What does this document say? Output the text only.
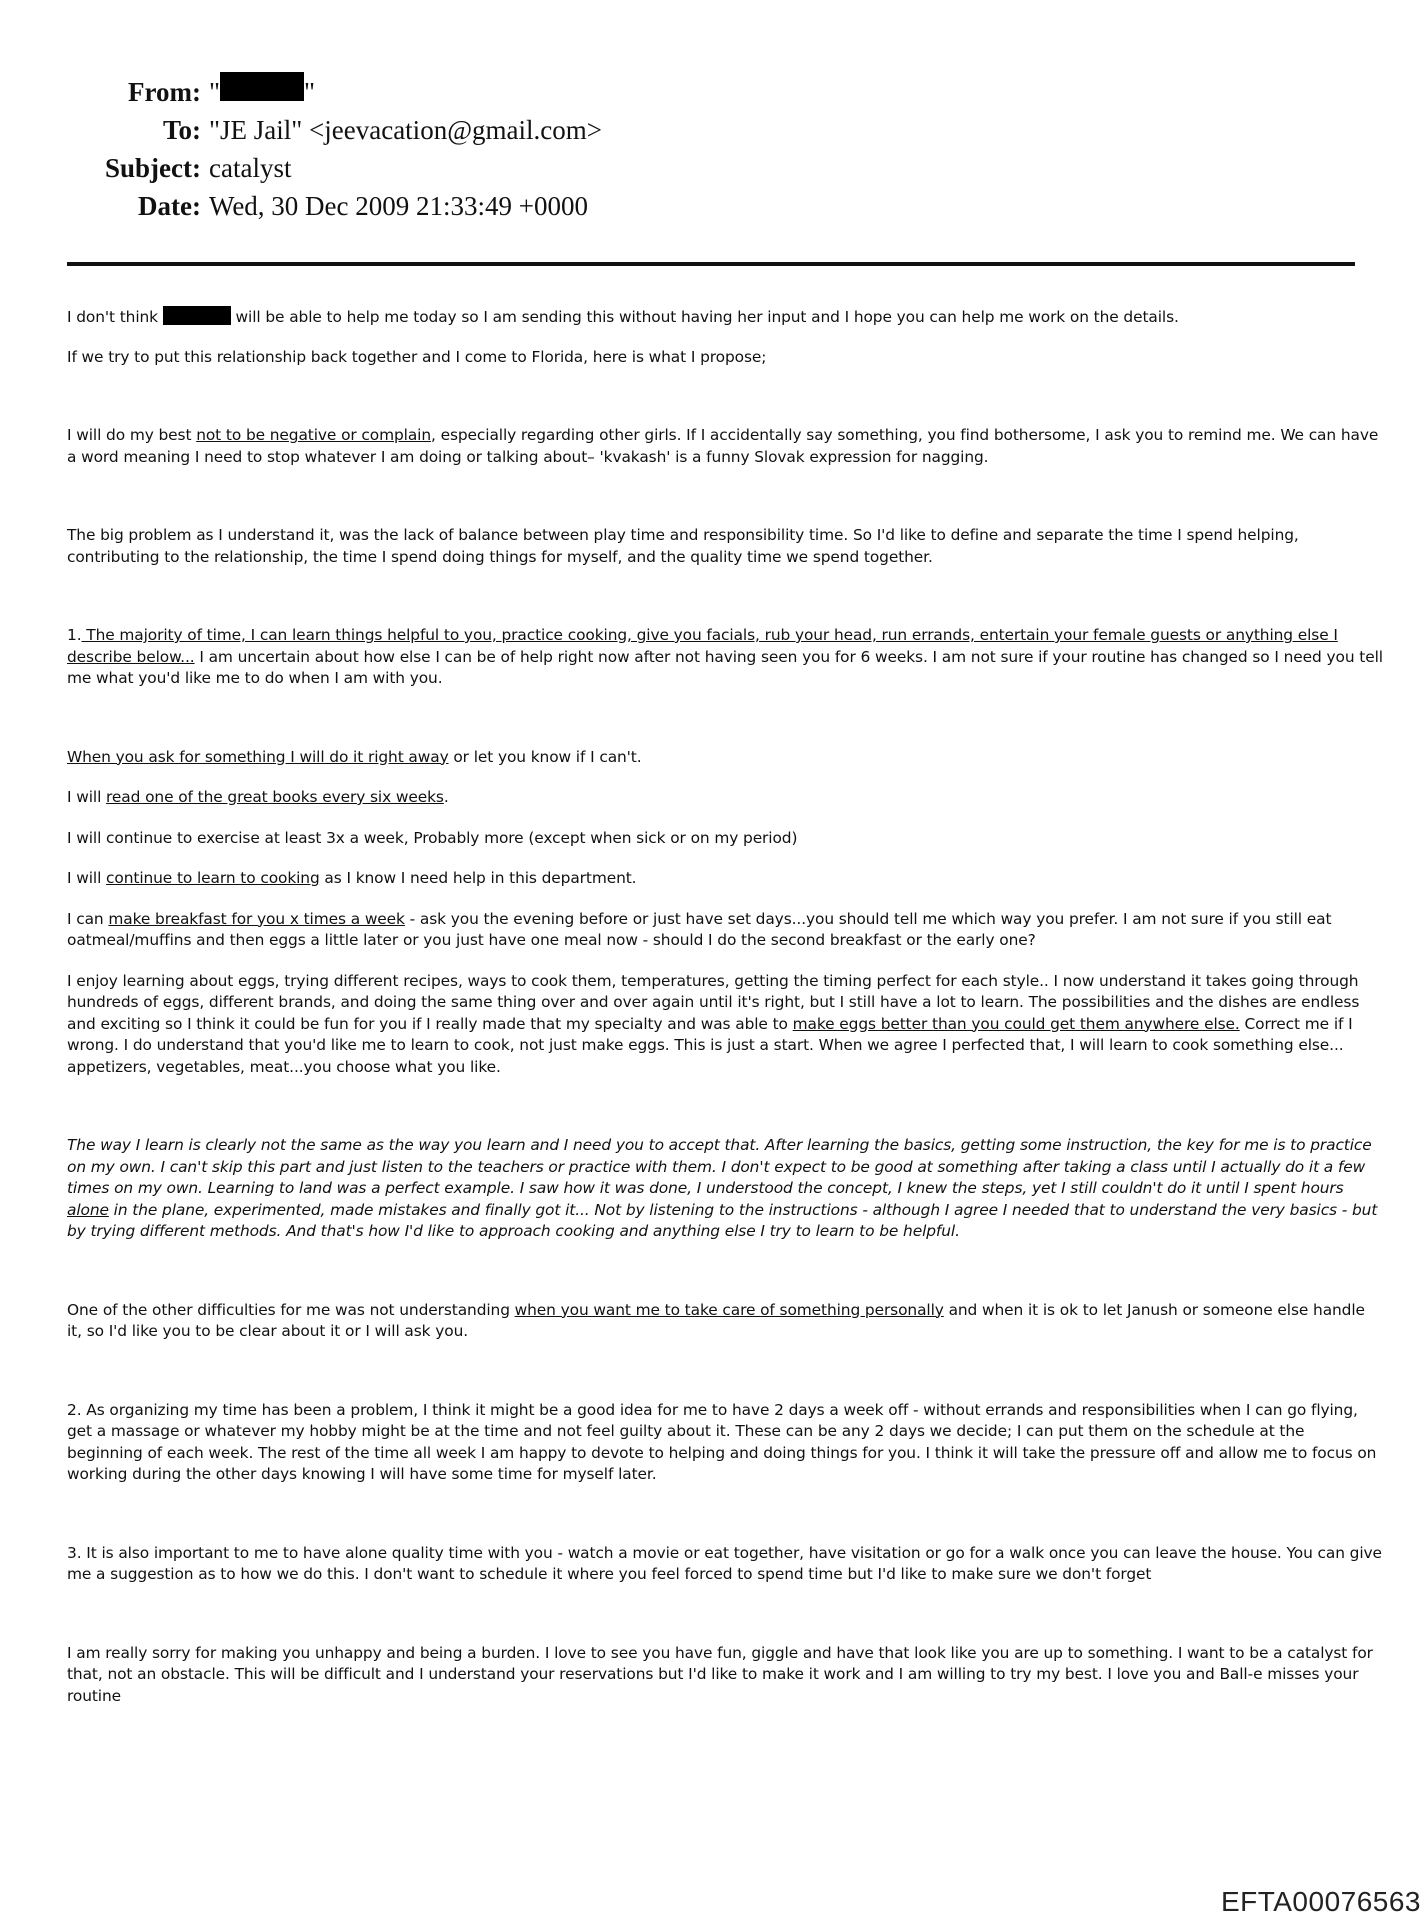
From: "	"
To: "JE Jail" <jeevacation@gmail.com>
Subject: catalyst
Date: Wed, 30 Dec 2009 21:33:49 +0000

I don't think	will be able to help me today so I am sending this without having her input and I hope you can help me work on the details.

If we try to put this relationship back together and I come to Florida, here is what I propose;

I will do my best not to be negative or complain, especially regarding other girls. If I accidentally say something, you find bothersome, I ask you to remind me. We can have a word meaning I need to stop whatever I am doing or talking about– 'kvakash' is a funny Slovak expression for nagging.

The big problem as I understand it, was the lack of balance between play time and responsibility time. So I'd like to define and separate the time I spend helping, contributing to the relationship, the time I spend doing things for myself, and the quality time we spend together.

1. The majority of time, I can learn things helpful to you, practice cooking, give you facials, rub your head, run errands, entertain your female guests or anything else I describe below... I am uncertain about how else I can be of help right now after not having seen you for 6 weeks. I am not sure if your routine has changed so I need you tell me what you'd like me to do when I am with you.

When you ask for something I will do it right away or let you know if I can't.

I will read one of the great books every six weeks.

I will continue to exercise at least 3x a week, Probably more (except when sick or on my period)

I will continue to learn to cooking as I know I need help in this department.

I can make breakfast for you x times a week - ask you the evening before or just have set days...you should tell me which way you prefer. I am not sure if you still eat oatmeal/muffins and then eggs a little later or you just have one meal now - should I do the second breakfast or the early one?

I enjoy learning about eggs, trying different recipes, ways to cook them, temperatures, getting the timing perfect for each style.. I now understand it takes going through hundreds of eggs, different brands, and doing the same thing over and over again until it's right, but I still have a lot to learn. The possibilities and the dishes are endless and exciting so I think it could be fun for you if I really made that my specialty and was able to make eggs better than you could get them anywhere else. Correct me if I wrong. I do understand that you'd like me to learn to cook, not just make eggs. This is just a start. When we agree I perfected that, I will learn to cook something else... appetizers, vegetables, meat...you choose what you like.

The way I learn is clearly not the same as the way you learn and I need you to accept that. After learning the basics, getting some instruction, the key for me is to practice on my own. I can't skip this part and just listen to the teachers or practice with them. I don't expect to be good at something after taking a class until I actually do it a few times on my own. Learning to land was a perfect example. I saw how it was done, I understood the concept, I knew the steps, yet I still couldn't do it until I spent hours alone in the plane, experimented, made mistakes and finally got it... Not by listening to the instructions - although I agree I needed that to understand the very basics - but by trying different methods. And that's how I'd like to approach cooking and anything else I try to learn to be helpful.

One of the other difficulties for me was not understanding when you want me to take care of something personally and when it is ok to let Janush or someone else handle it, so I'd like you to be clear about it or I will ask you.

2. As organizing my time has been a problem, I think it might be a good idea for me to have 2 days a week off - without errands and responsibilities when I can go flying, get a massage or whatever my hobby might be at the time and not feel guilty about it. These can be any 2 days we decide; I can put them on the schedule at the beginning of each week. The rest of the time all week I am happy to devote to helping and doing things for you. I think it will take the pressure off and allow me to focus on working during the other days knowing I will have some time for myself later.

3. It is also important to me to have alone quality time with you - watch a movie or eat together, have visitation or go for a walk once you can leave the house. You can give me a suggestion as to how we do this. I don't want to schedule it where you feel forced to spend time but I'd like to make sure we don't forget

I am really sorry for making you unhappy and being a burden. I love to see you have fun, giggle and have that look like you are up to something. I want to be a catalyst for that, not an obstacle. This will be difficult and I understand your reservations but I'd like to make it work and I am willing to try my best. I love you and Ball-e misses your routine

EFTA00076563
